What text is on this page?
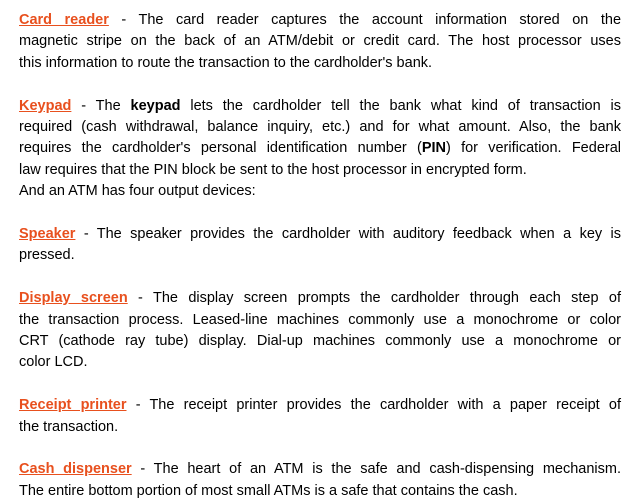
Card reader - The card reader captures the account information stored on the
magnetic stripe on the back of an ATM/debit or credit card. The host processor uses
this information to route the transaction to the cardholder's bank.
Keypad - The keypad lets the cardholder tell the bank what kind of transaction is
required (cash withdrawal, balance inquiry, etc.) and for what amount. Also, the bank
requires the cardholder's personal identification number (PIN) for verification. Federal
law requires that the PIN block be sent to the host processor in encrypted form.
And an ATM has four output devices:
Speaker - The speaker provides the cardholder with auditory feedback when a key is
pressed.
Display screen - The display screen prompts the cardholder through each step of
the transaction process. Leased-line machines commonly use a monochrome or color
CRT (cathode ray tube) display. Dial-up machines commonly use a monochrome or
color LCD.
Receipt printer - The receipt printer provides the cardholder with a paper receipt of
the transaction.
Cash dispenser - The heart of an ATM is the safe and cash-dispensing mechanism.
The entire bottom portion of most small ATMs is a safe that contains the cash.
